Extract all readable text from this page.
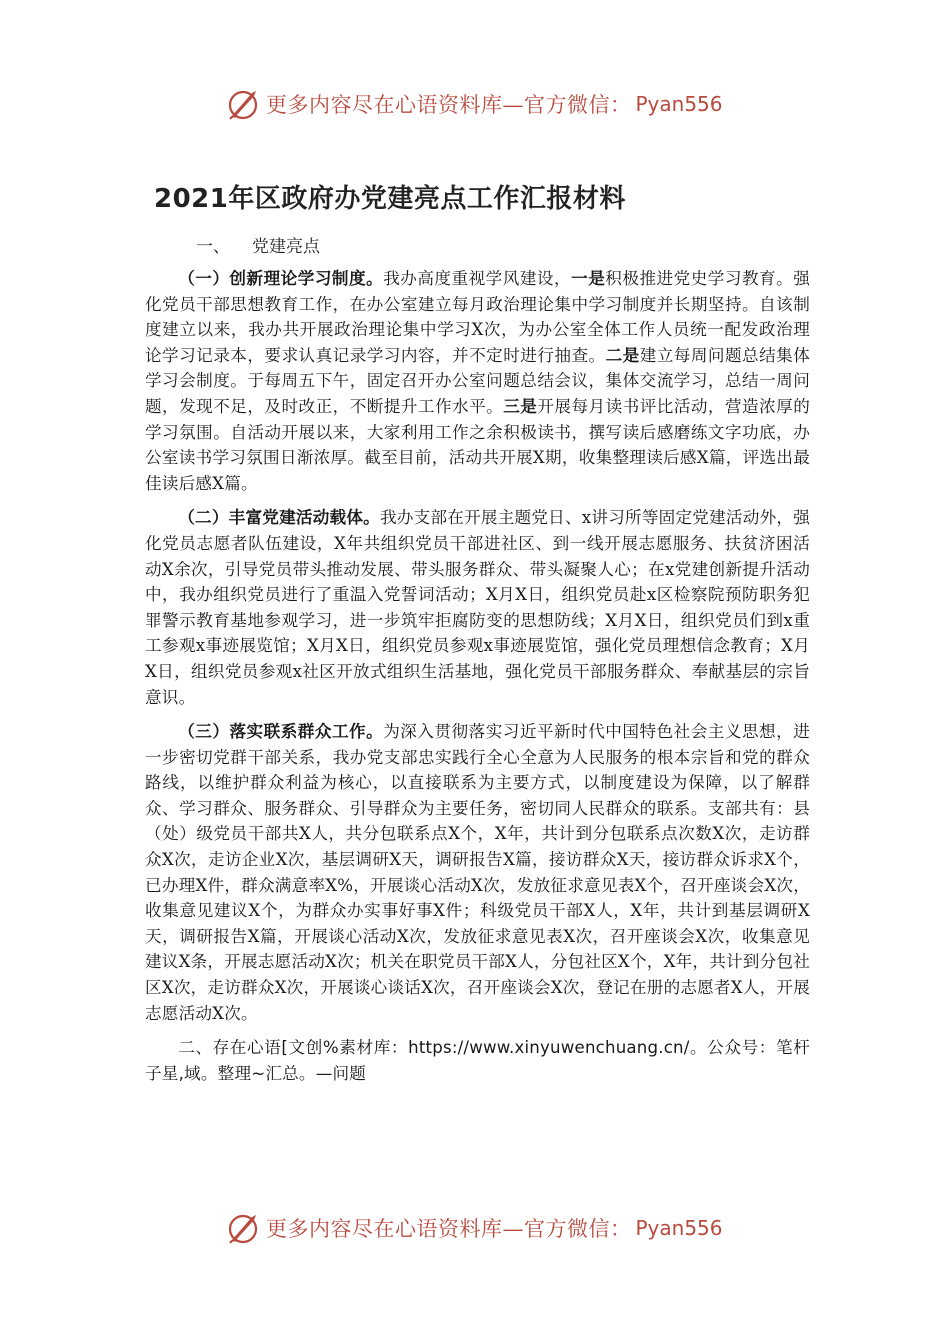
更多内容尽在心语资料库—官方微信： Pyan556
2021年区政府办党建亮点工作汇报材料
一、 党建亮点

（一）创新理论学习制度。我办高度重视学风建设，一是积极推进党史学习教育。强化党员干部思想教育工作，在办公室建立每月政治理论集中学习制度并长期坚持。自该制度建立以来，我办共开展政治理论集中学习X次，为办公室全体工作人员统一配发政治理论学习记录本，要求认真记录学习内容，并不定时进行抽查。二是建立每周问题总结集体学习会制度。于每周五下午，固定召开办公室问题总结会议，集体交流学习，总结一周问题，发现不足，及时改正，不断提升工作水平。三是开展每月读书评比活动，营造浓厚的学习氛围。自活动开展以来，大家利用工作之余积极读书，撰写读后感磨练文字功底，办公室读书学习氛围日渐浓厚。截至目前，活动共开展X期，收集整理读后感X篇，评选出最佳读后感X篇。

（二）丰富党建活动载体。我办支部在开展主题党日、x讲习所等固定党建活动外，强化党员志愿者队伍建设，X年共组织党员干部进社区、到一线开展志愿服务、扶贫济困活动X余次，引导党员带头推动发展、带头服务群众、带头凝聚人心；在x党建创新提升活动中，我办组织党员进行了重温入党誓词活动；X月X日，组织党员赴x区检察院预防职务犯罪警示教育基地参观学习，进一步筑牢拒腐防变的思想防线；X月X日，组织党员们到x重工参观x事迹展览馆；X月X日，组织党员参观x事迹展览馆，强化党员理想信念教育；X月X日，组织党员参观x社区开放式组织生活基地，强化党员干部服务群众、奉献基层的宗旨意识。

（三）落实联系群众工作。为深入贯彻落实习近平新时代中国特色社会主义思想，进一步密切党群干部关系，我办党支部忠实践行全心全意为人民服务的根本宗旨和党的群众路线，以维护群众利益为核心，以直接联系为主要方式，以制度建设为保障，以了解群众、学习群众、服务群众、引导群众为主要任务，密切同人民群众的联系。支部共有：县（处）级党员干部共X人，共分包联系点X个，X年，共计到分包联系点次数X次，走访群众X次，走访企业X次，基层调研X天，调研报告X篇，接访群众X天，接访群众诉求X个，已办理X件，群众满意率X%，开展谈心活动X次，发放征求意见表X个，召开座谈会X次，收集意见建议X个，为群众办实事好事X件；科级党员干部X人，X年，共计到基层调研X天，调研报告X篇，开展谈心活动X次，发放征求意见表X次，召开座谈会X次，收集意见建议X条，开展志愿活动X次；机关在职党员干部X人，分包社区X个，X年，共计到分包社区X次，走访群众X次，开展谈心谈话X次，召开座谈会X次，登记在册的志愿者X人，开展志愿活动X次。

二、存在心语[文创%素材库：https://www.xinyuwenchuang.cn/。公众号：笔杆子星,域。整理~汇总。—问题

更多内容尽在心语资料库—官方微信： Pyan556
